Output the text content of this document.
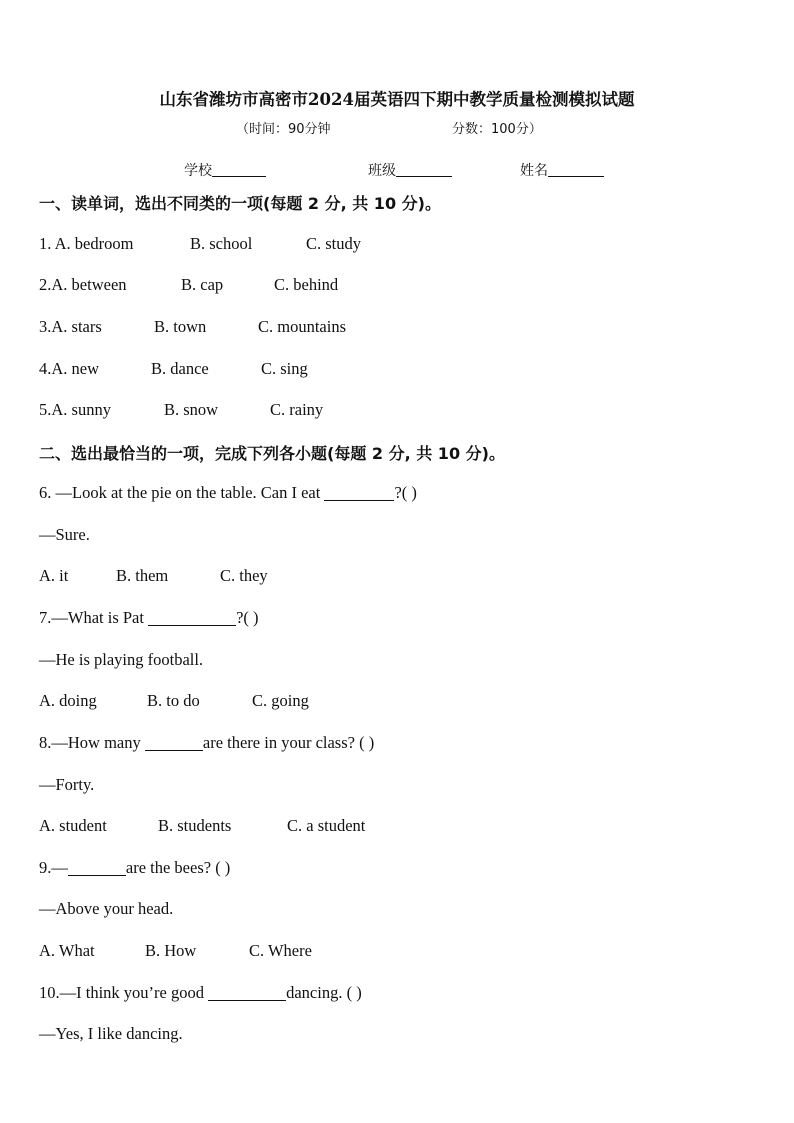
山东省潍坊市高密市2024届英语四下期中教学质量检测模拟试题
（时间：90分钟	分数：100分）
学校	班级	姓名
一、读单词，选出不同类的一项(每题 2 分, 共 10 分)。
1. A. bedroom	B. school	C. study
2.A. between	B. cap	C. behind
3.A. stars	B. town	C. mountains
4.A. new	B. dance	C. sing
5.A. sunny	B. snow	C. rainy
二、选出最恰当的一项，完成下列各小题(每题 2 分, 共 10 分)。
6. —Look at the pie on the table. Can I eat	?( )
—Sure.
A. it	B. them	C. they
7.—What is Pat	?( )
—He is playing football.
A. doing	B. to do	C. going
8.—How many	are there in your class? ( )
—Forty.
A. student	B. students	C. a student
9.—	are the bees? ( )
—Above your head.
A. What	B. How	C. Where
10.—I think you’re good	dancing. ( )
—Yes, I like dancing.
